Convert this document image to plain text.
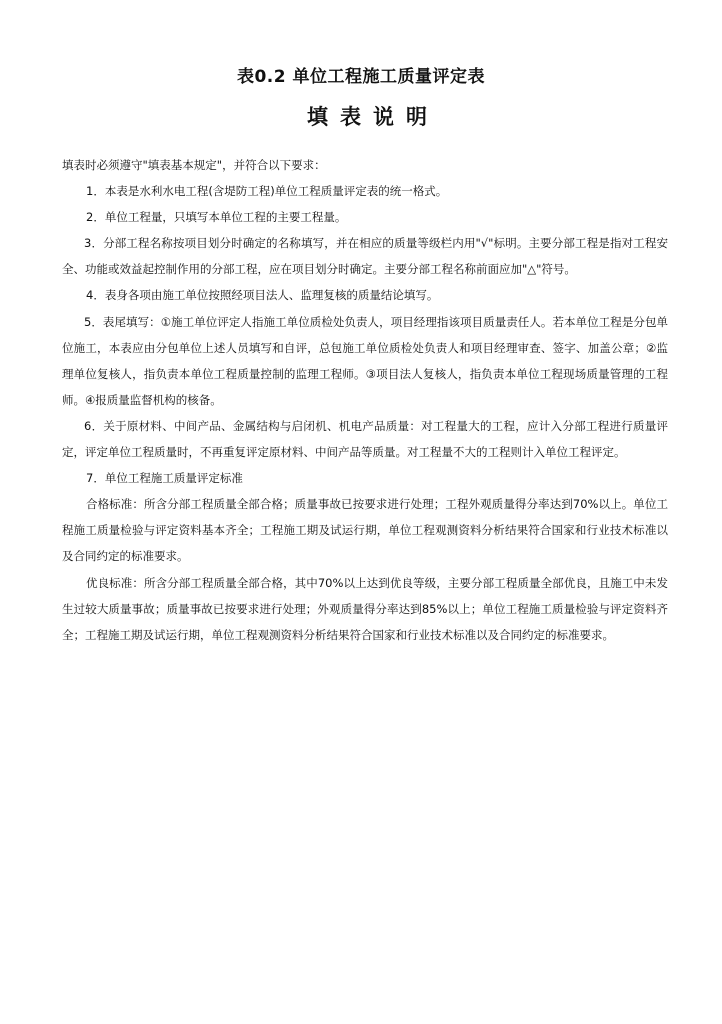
表0.2 单位工程施工质量评定表
填表说明

填表时必须遵守"填表基本规定"，并符合以下要求：

1．本表是水利水电工程(含堤防工程)单位工程质量评定表的统一格式。

2．单位工程量，只填写本单位工程的主要工程量。

3．分部工程名称按项目划分时确定的名称填写，并在相应的质量等级栏内用"√"标明。主要分部工程是指对工程安全、功能或效益起控制作用的分部工程，应在项目划分时确定。主要分部工程名称前面应加"△"符号。

4．表身各项由施工单位按照经项目法人、监理复核的质量结论填写。

5．表尾填写：①施工单位评定人指施工单位质检处负责人，项目经理指该项目质量责任人。若本单位工程是分包单位施工，本表应由分包单位上述人员填写和自评，总包施工单位质检处负责人和项目经理审查、签字、加盖公章；②监理单位复核人，指负责本单位工程质量控制的监理工程师。③项目法人复核人，指负责本单位工程现场质量管理的工程师。④报质量监督机构的核备。

6．关于原材料、中间产品、金属结构与启闭机、机电产品质量：对工程量大的工程，应计入分部工程进行质量评定，评定单位工程质量时，不再重复评定原材料、中间产品等质量。对工程量不大的工程则计入单位工程评定。

7．单位工程施工质量评定标准

合格标准：所含分部工程质量全部合格；质量事故已按要求进行处理；工程外观质量得分率达到70%以上。单位工程施工质量检验与评定资料基本齐全；工程施工期及试运行期，单位工程观测资料分析结果符合国家和行业技术标准以及合同约定的标准要求。

优良标准：所含分部工程质量全部合格，其中70%以上达到优良等级，主要分部工程质量全部优良，且施工中未发生过较大质量事故；质量事故已按要求进行处理；外观质量得分率达到85%以上；单位工程施工质量检验与评定资料齐全；工程施工期及试运行期，单位工程观测资料分析结果符合国家和行业技术标准以及合同约定的标准要求。
